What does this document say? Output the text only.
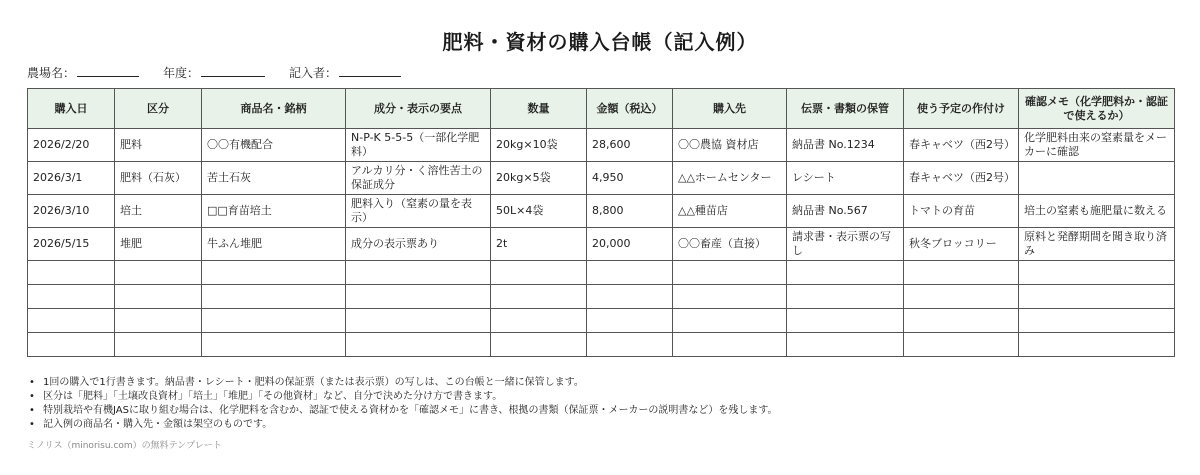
肥料・資材の購入台帳（記入例）
農場名：	年度：	記入者：
購入日	区分	商品名・銘柄	成分・表示の要点	数量	金額（税込）	購入先	伝票・書類の保管	使う予定の作付け	確認メモ（化学肥料か・認証で使えるか）
2026/2/20	肥料	〇〇有機配合	N-P-K 5-5-5（一部化学肥料）	20kg×10袋	28,600	〇〇農協 資材店	納品書 No.1234	春キャベツ（西2号）	化学肥料由来の窒素量をメーカーに確認
2026/3/1	肥料（石灰）	苦土石灰	アルカリ分・く溶性苦土の保証成分	20kg×5袋	4,950	△△ホームセンター	レシート	春キャベツ（西2号）	
2026/3/10	培土	□□育苗培土	肥料入り（窒素の量を表示）	50L×4袋	8,800	△△種苗店	納品書 No.567	トマトの育苗	培土の窒素も施肥量に数える
2026/5/15	堆肥	牛ふん堆肥	成分の表示票あり	2t	20,000	〇〇畜産（直接）	請求書・表示票の写し	秋冬ブロッコリー	原料と発酵期間を聞き取り済み

• 1回の購入で1行書きます。納品書・レシート・肥料の保証票（または表示票）の写しは、この台帳と一緒に保管します。
• 区分は「肥料」「土壌改良資材」「培土」「堆肥」「その他資材」など、自分で決めた分け方で書きます。
• 特別栽培や有機JASに取り組む場合は、化学肥料を含むか、認証で使える資材かを「確認メモ」に書き、根拠の書類（保証票・メーカーの説明書など）を残します。
• 記入例の商品名・購入先・金額は架空のものです。
ミノリス（minorisu.com）の無料テンプレート
